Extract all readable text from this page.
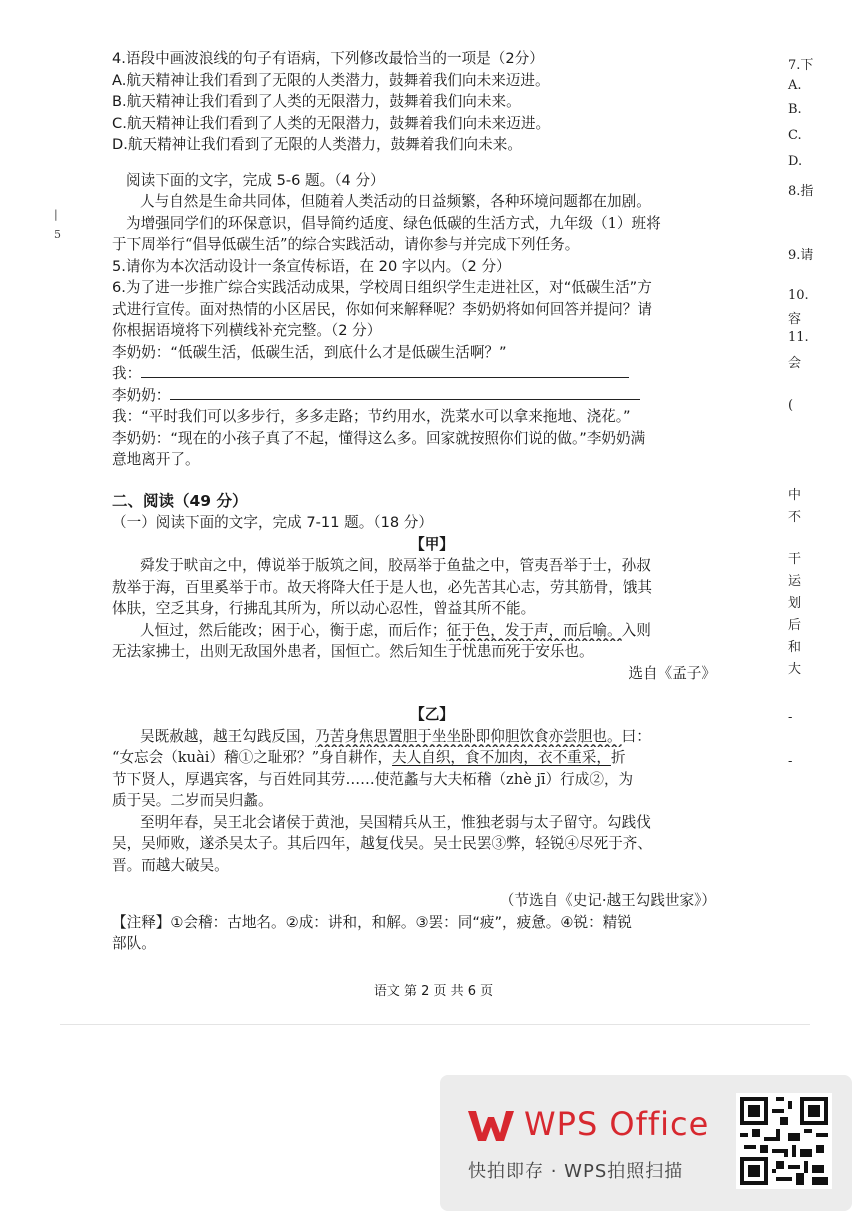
|
5
4.语段中画波浪线的句子有语病，下列修改最恰当的一项是（2分）
A.航天精神让我们看到了无限的人类潜力，鼓舞着我们向未来迈进。
B.航天精神让我们看到了人类的无限潜力，鼓舞着我们向未来。
C.航天精神让我们看到了人类的无限潜力，鼓舞着我们向未来迈进。
D.航天精神让我们看到了无限的人类潜力，鼓舞着我们向未来。
阅读下面的文字，完成 5-6 题。（4 分）
人与自然是生命共同体，但随着人类活动的日益频繁，各种环境问题都在加剧。
为增强同学们的环保意识，倡导简约适度、绿色低碳的生活方式，九年级（1）班将
于下周举行“倡导低碳生活”的综合实践活动，请你参与并完成下列任务。
5.请你为本次活动设计一条宣传标语，在 20 字以内。（2 分）
6.为了进一步推广综合实践活动成果，学校周日组织学生走进社区，对“低碳生活”方
式进行宣传。面对热情的小区居民，你如何来解释呢？李奶奶将如何回答并提问？请
你根据语境将下列横线补充完整。（2 分）
李奶奶：“低碳生活，低碳生活，到底什么才是低碳生活啊？”
我：
李奶奶：
我：“平时我们可以多步行，多多走路；节约用水，洗菜水可以拿来拖地、浇花。”
李奶奶：“现在的小孩子真了不起，懂得这么多。回家就按照你们说的做。”李奶奶满
意地离开了。
二、阅读（49 分）
（一）阅读下面的文字，完成 7-11 题。（18 分）
【甲】
舜发于畎亩之中，傅说举于版筑之间，胶鬲举于鱼盐之中，管夷吾举于士，孙叔
敖举于海，百里奚举于市。故天将降大任于是人也，必先苦其心志，劳其筋骨，饿其
体肤，空乏其身，行拂乱其所为，所以动心忍性，曾益其所不能。
人恒过，然后能改；困于心，衡于虑，而后作；征于色，发于声，而后喻。入则
无法家拂士，出则无敌国外患者，国恒亡。然后知生于忧患而死于安乐也。
选自《孟子》
【乙】
吴既赦越，越王勾践反国，乃苦身焦思置胆于坐坐卧即仰胆饮食亦尝胆也。曰：
“女忘会（kuài）稽①之耻邪？”身自耕作，夫人自织，食不加肉，衣不重采，折
节下贤人，厚遇宾客，与百姓同其劳……使范蠡与大夫柘稽（zhè jī）行成②，为
质于吴。二岁而吴归蠡。
至明年春，吴王北会诸侯于黄池，吴国精兵从王，惟独老弱与太子留守。勾践伐
吴，吴师败，遂杀吴太子。其后四年，越复伐吴。吴士民罢③弊，轻锐④尽死于齐、
晋。而越大破吴。
（节选自《史记·越王勾践世家》）
【注释】①会稽：古地名。②成：讲和，和解。③罢：同“疲”，疲惫。④锐：精锐
部队。
语文 第 2 页 共 6 页
7.下
A.
B.
C.
D.
8.指
9.请
10.
容
11.
会
(
中
不
干
运
划
后
和
大
-
-
WPS Office
快拍即存 · WPS拍照扫描
